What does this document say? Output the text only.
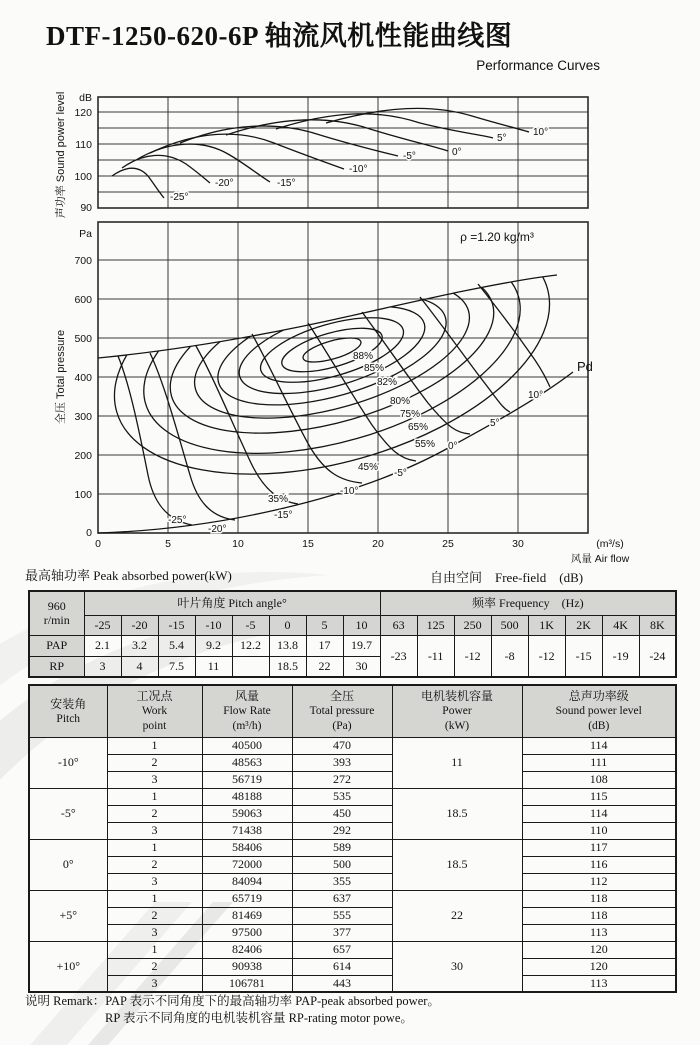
DTF-1250-620-6P 轴流风机性能曲线图
Performance Curves
-25°
-20°	-15°
-10°
-5°	0°
5°
10°
dB
120
110
100
90
声功率 Sound power level
88%
85%
82%
80%
75%
65%
55%
45%
35%
-25°
-20°
-15°
-10°
-5°
0°
5°
10°
ρ =1.20 kg/m³
Pd
Pa
700
600
500
400
300
200
100
0
全压 Total pressure
0	5	10	15	20	25	30	(m³/s)
风量 Air flow
最高轴功率 Peak absorbed power(kW)	自由空间　Free-field　(dB)
960
r/min	叶片角度 Pitch angle°								频率 Frequency　(Hz)							
	-25	-20	-15	-10	-5	0	5	10	63	125	250	500	1K	2K	4K	8K
PAP	2.1	3.2	5.4	9.2	12.2	13.8	17	19.7	-23	-11	-12	-8	-12	-15	-19	-24
RP	3	4	7.5	11		18.5	22	30								
安装角
Pitch

工况点
Work
point

风量
Flow Rate
(m³/h)

全压
Total pressure
(Pa)

电机装机容量
Power
(kW)

总声功率级
Sound power level
(dB)

-10°	1	40500	470	11	114
	2	48563	393		111
	3	56719	272		108
-5°	1	48188	535	18.5	115
	2	59063	450		114
	3	71438	292		110
0°	1	58406	589	18.5	117
	2	72000	500		116
	3	84094	355		112
+5°	1	65719	637	22	118
	2	81469	555		118
	3	97500	377		113
+10°	1	82406	657	30	120
	2	90938	614		120
	3	106781	443		113
说明 Remark：PAP 表示不同角度下的最高轴功率 PAP-peak absorbed power。
RP 表示不同角度的电机装机容量 RP-rating motor powe。
